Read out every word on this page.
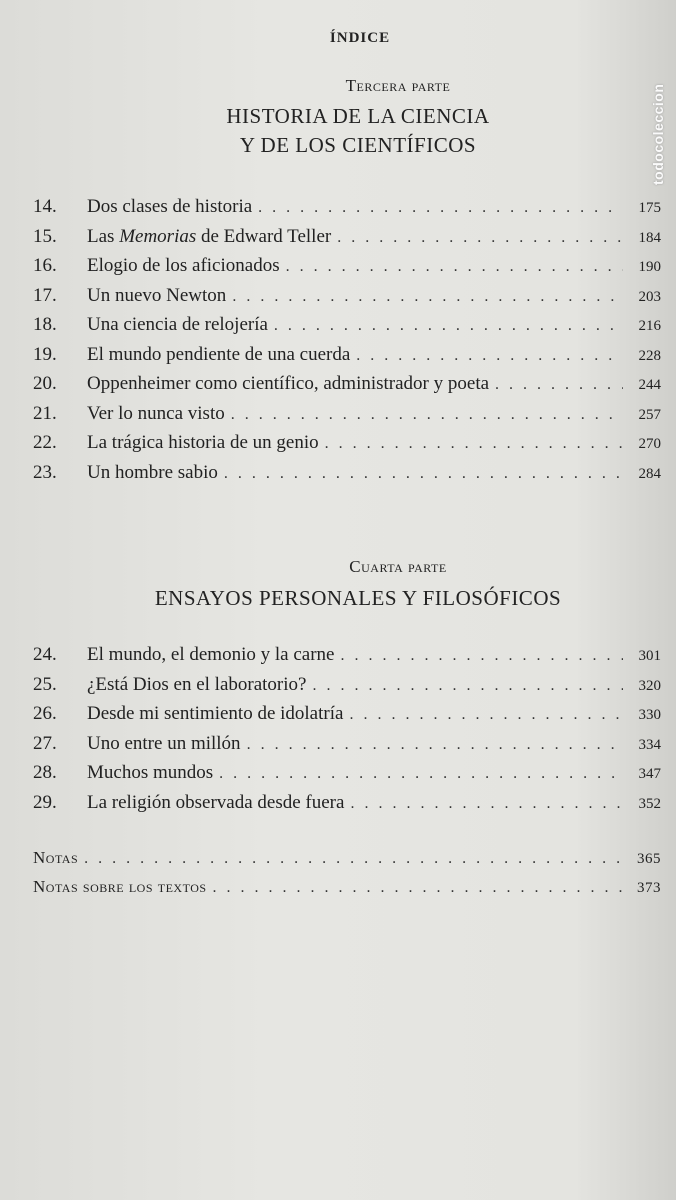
todocoleccion
ÍNDICE
Tercera parte
HISTORIA DE LA CIENCIA
Y DE LOS CIENTÍFICOS
14.	Dos clases de historia . . .	175
15.	Las Memorias de Edward Teller . . .	184
16.	Elogio de los aficionados . . .	190
17.	Un nuevo Newton . . .	203
18.	Una ciencia de relojería . . .	216
19.	El mundo pendiente de una cuerda . . .	228
20.	Oppenheimer como científico, administrador y poeta . . .	244
21.	Ver lo nunca visto . . .	257
22.	La trágica historia de un genio . . .	270
23.	Un hombre sabio . . .	284
Cuarta parte
ENSAYOS PERSONALES Y FILOSÓFICOS
24.	El mundo, el demonio y la carne . . .	301
25.	¿Está Dios en el laboratorio? . . .	320
26.	Desde mi sentimiento de idolatría . . .	330
27.	Uno entre un millón . . .	334
28.	Muchos mundos . . .	347
29.	La religión observada desde fuera . . .	352
Notas . . .	365
Notas sobre los textos . . .	373
